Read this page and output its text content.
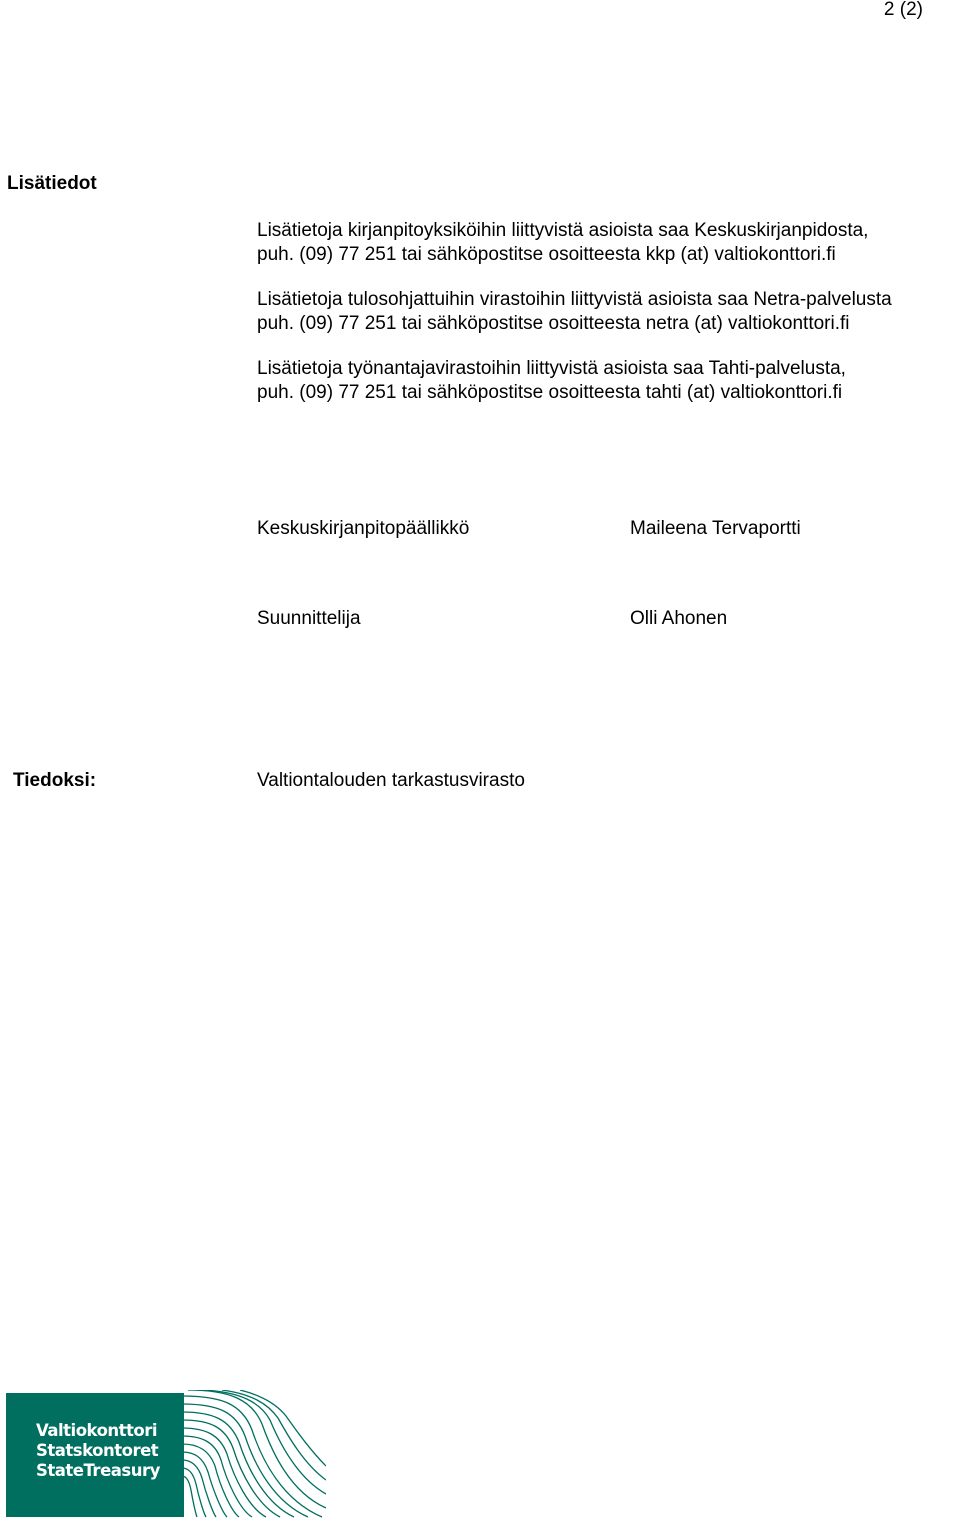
2 (2)
Lisätiedot
Lisätietoja kirjanpitoyksiköihin liittyvistä asioista saa Keskuskirjanpidosta,
puh. (09) 77 251 tai sähköpostitse osoitteesta kkp (at) valtiokonttori.fi
Lisätietoja tulosohjattuihin virastoihin liittyvistä asioista saa Netra-palvelusta
puh. (09) 77 251 tai sähköpostitse osoitteesta netra (at) valtiokonttori.fi
Lisätietoja työnantajavirastoihin liittyvistä asioista saa Tahti-palvelusta,
puh. (09) 77 251 tai sähköpostitse osoitteesta tahti (at) valtiokonttori.fi
Keskuskirjanpitopäällikkö	Maileena Tervaportti
Suunnittelija	Olli Ahonen
Tiedoksi:	Valtiontalouden tarkastusvirasto
Valtiokonttori
Statskontoret
StateTreasury
